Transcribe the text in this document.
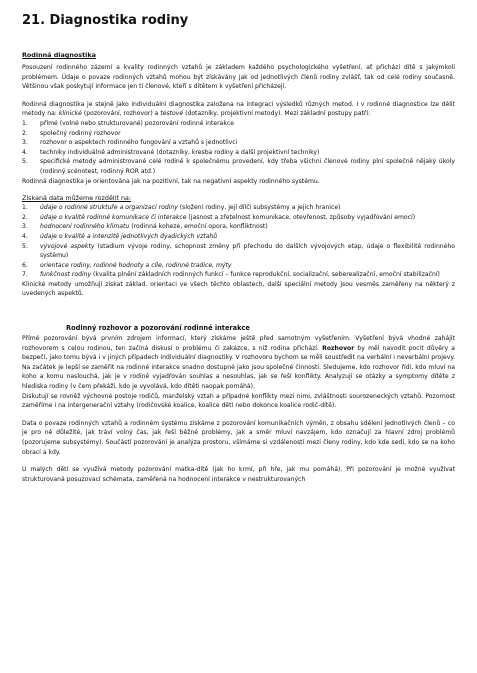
21. Diagnostika rodiny
Rodinná diagnostika

Posouzení rodinného zázemí a kvality rodinných vztahů je základem každého psychologického vyšetření, ať přichází dítě s jakýmkoli problémem. Údaje o povaze rodinných vztahů mohou být získávány jak od jednotlivých členů rodiny zvlášť, tak od celé rodiny současně. Většinou však poskytují informace jen ti členové, kteří s dítětem k vyšetření přicházejí.

Rodinná diagnostika je stejně jako individuální diagnostika založena na integraci výsledků různých metod. I v rodinné diagnostice lze dělit metody na: klinické (pozorování, rozhovor) a testové (dotazníky, projektivní metody). Mezi základní postupy patří:

1.	přímé (volné nebo strukturované) pozorování rodinné interakce
2.	společný rodinný rozhovor
3.	rozhovor o aspektech rodinného fungování a vztahů s jednotlivci
4.	techniky individuálně administrované (dotazníky, kresba rodiny a další projektivní techniky)
5.	specifické metody administrované celé rodině k společnému provedení, kdy třeba všichni členové rodiny plní společně nějaký úkoly (rodinný scénotest, rodinný ROR atd.)

Rodinná diagnostika je orientována jak na pozitivní, tak na negativní aspekty rodinného systému.

Získaná data můžeme rozdělit na:
1.	údaje o rodinné struktuře a organizaci rodiny (složení rodiny, její dílčí subsystémy a jejich hranice)
2.	údaje o kvalitě rodinné komunikace či interakce (jasnost a zřetelnost komunikace, otevřenost, způsoby vyjadřování emocí)
3.	hodnocení rodinného klimatu (rodinná koheze, emoční opora, konfliktnost)
4.	údaje o kvalitě a intenzitě jednotlivých dyadických vztahů
5.	vývojové aspekty (stadium vývoje rodiny, schopnost změny při přechodu do dalších vývojových etap, údaje o flexibilitě rodinného systému)
6.	orientace rodiny, rodinné hodnoty a cíle, rodinné tradice, mýty
7.	funkčnost rodiny (kvalita plnění základních rodinných funkcí – funkce reprodukční, socializační, seberealizační, emoční stabilizační)

Klinické metody umožňují získat základ. orientaci ve všech těchto oblastech, další speciální metody jsou vesměs zaměřeny na některý z uvedených aspektů.

Rodinný rozhovor a pozorování rodinné interakce

Přímé pozorování bývá prvním zdrojem informací, který získáme ještě před samotným vyšetřením. Vyšetření bývá vhodné zahájit rozhovorem s celou rodinou, ten začíná diskusí o problému či zakázce, s níž rodina přichází. Rozhovor by měl navodit pocit důvěry a bezpečí, jako tomu bývá i v jiných případech individuální diagnostiky. V rozhovoru bychom se měli soustředit na verbální i neverbální projevy. Na začátek je lepší se zaměřit na rodinné interakce snadno dostupné jako jsou společné činnosti. Sledujeme, kdo rozhovor řídí, kdo mluví na koho a komu naslouchá, jak je v rodině vyjadřován souhlas a nesouhlas, jak se řeší konflikty. Analyzují se otázky a symptomy dítěte z hlediska rodiny (v čem překáží, kdo je vyvolává, kdo dítěti naopak pomáhá).

Diskutují se rovněž výchovné postoje rodičů, manželský vztah a případné konflikty mezi nimi, zvláštnosti sourozeneckých vztahů. Pozornost zaměříme i na intergenerační vztahy (rodičovské koalice, koalice dětí nebo dokonce koalice rodič-dítě).

Data o povaze rodinných vztahů a rodinném systému získáme z pozorování komunikačních výměn, z obsahu sdělení jednotlivých členů – co je pro ně důležité, jak tráví volný čas, jak řeší běžné problémy, jak a směr mluví navzájem, kdo označují za hlavní zdroj problémů (pozorujeme subsystémy). Součástí pozorování je analýza prostoru, všímáme si vzdáleností mezi členy rodiny, kdo kde sedí, kdo se na koho obrací a kdy.

U malých dětí se využívá metody pozorování matka-dítě (jak ho krmí, při hře, jak mu pomáhá). Při pozorování je možné využívat strukturovaná posuzovací schémata, zaměřená na hodnocení interakce v nestrukturovaných
